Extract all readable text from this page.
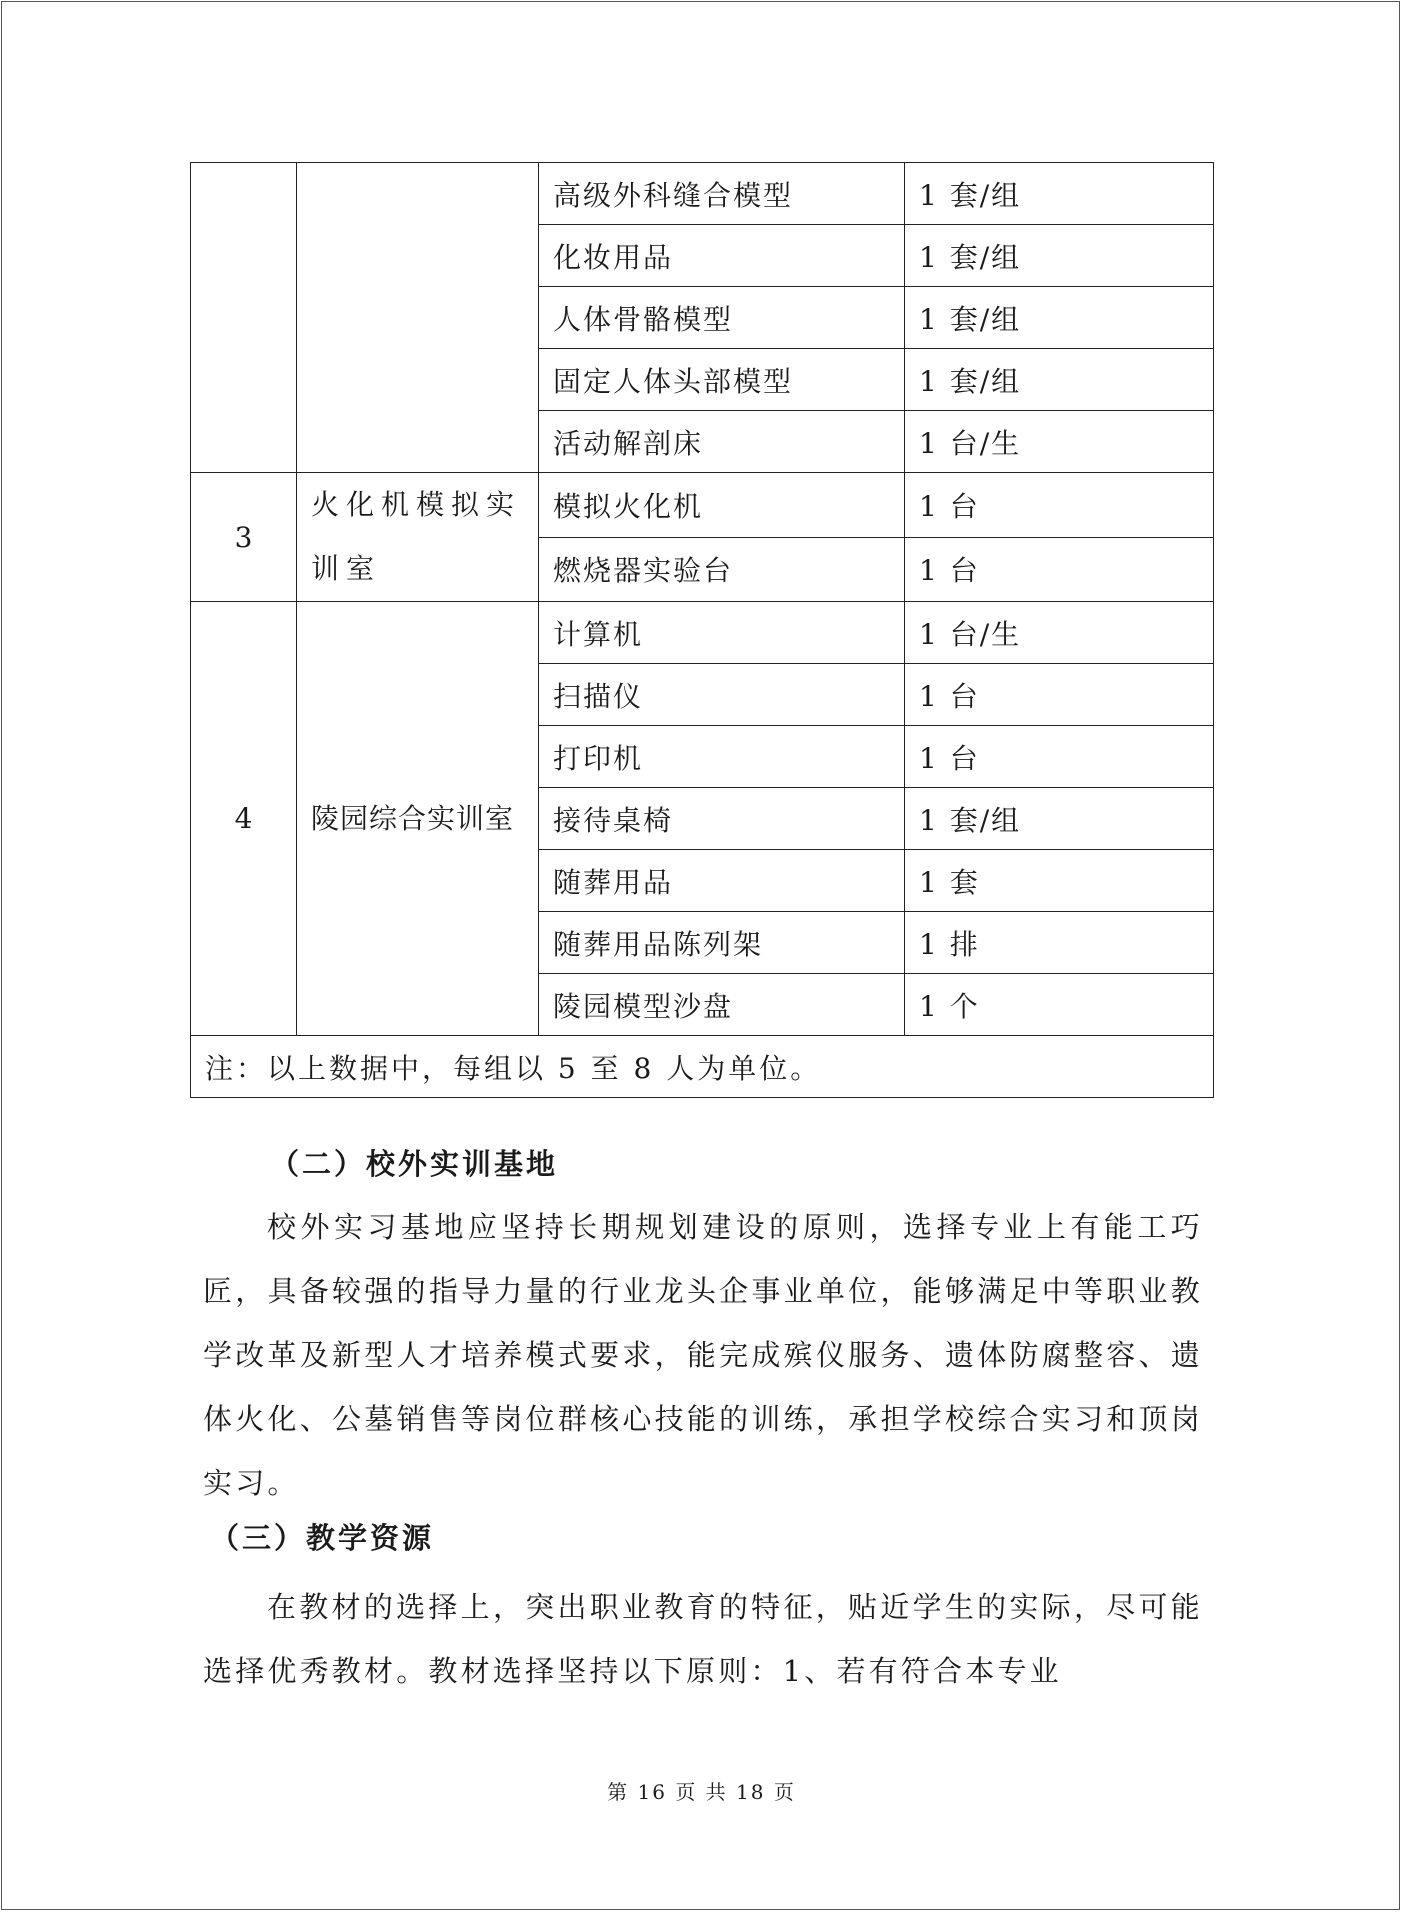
		高级外科缝合模型	1 套/组
		化妆用品	1 套/组
		人体骨骼模型	1 套/组
		固定人体头部模型	1 套/组
		活动解剖床	1 台/生
3	火化机模拟实训室	模拟火化机	1 台
		燃烧器实验台	1 台
4	陵园综合实训室	计算机	1 台/生
		扫描仪	1 台
		打印机	1 台
		接待桌椅	1 套/组
		随葬用品	1 套
		随葬用品陈列架	1 排
		陵园模型沙盘	1 个
注：以上数据中，每组以 5 至 8 人为单位。			
（二）校外实训基地
校外实习基地应坚持长期规划建设的原则，选择专业上有能工巧匠，具备较强的指导力量的行业龙头企事业单位，能够满足中等职业教学改革及新型人才培养模式要求，能完成殡仪服务、遗体防腐整容、遗体火化、公墓销售等岗位群核心技能的训练，承担学校综合实习和顶岗实习。
（三）教学资源
在教材的选择上，突出职业教育的特征，贴近学生的实际，尽可能选择优秀教材。教材选择坚持以下原则：1、若有符合本专业
第 16 页 共 18 页
